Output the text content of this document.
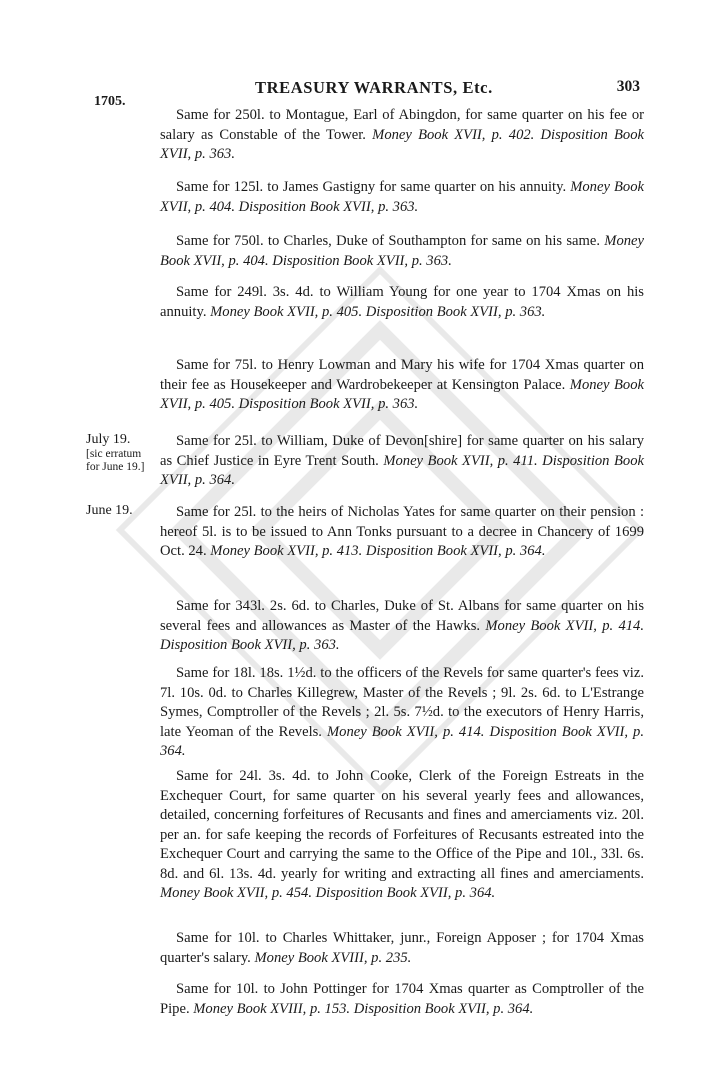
TREASURY WARRANTS, Etc.	303
1705.
July 19.
[sic erratum
for June 19.]
June 19.

Same for 250l. to Montague, Earl of Abingdon, for same quarter on his fee or salary as Constable of the Tower. Money Book XVII, p. 402. Disposition Book XVII, p. 363.

Same for 125l. to James Gastigny for same quarter on his annuity. Money Book XVII, p. 404. Disposition Book XVII, p. 363.

Same for 750l. to Charles, Duke of Southampton for same on his same. Money Book XVII, p. 404. Disposition Book XVII, p. 363.

Same for 249l. 3s. 4d. to William Young for one year to 1704 Xmas on his annuity. Money Book XVII, p. 405. Disposition Book XVII, p. 363.

Same for 75l. to Henry Lowman and Mary his wife for 1704 Xmas quarter on their fee as Housekeeper and Wardrobekeeper at Kensington Palace. Money Book XVII, p. 405. Disposition Book XVII, p. 363.

Same for 25l. to William, Duke of Devon[shire] for same quarter on his salary as Chief Justice in Eyre Trent South. Money Book XVII, p. 411. Disposition Book XVII, p. 364.

Same for 25l. to the heirs of Nicholas Yates for same quarter on their pension : hereof 5l. is to be issued to Ann Tonks pursuant to a decree in Chancery of 1699 Oct. 24. Money Book XVII, p. 413. Disposition Book XVII, p. 364.

Same for 343l. 2s. 6d. to Charles, Duke of St. Albans for same quarter on his several fees and allowances as Master of the Hawks. Money Book XVII, p. 414. Disposition Book XVII, p. 363.

Same for 18l. 18s. 1½d. to the officers of the Revels for same quarter's fees viz. 7l. 10s. 0d. to Charles Killegrew, Master of the Revels ; 9l. 2s. 6d. to L'Estrange Symes, Comptroller of the Revels ; 2l. 5s. 7½d. to the executors of Henry Harris, late Yeoman of the Revels. Money Book XVII, p. 414. Disposition Book XVII, p. 364.

Same for 24l. 3s. 4d. to John Cooke, Clerk of the Foreign Estreats in the Exchequer Court, for same quarter on his several yearly fees and allowances, detailed, concerning forfeitures of Recusants and fines and amerciaments viz. 20l. per an. for safe keeping the records of Forfeitures of Recusants estreated into the Exchequer Court and carrying the same to the Office of the Pipe and 10l., 33l. 6s. 8d. and 6l. 13s. 4d. yearly for writing and extracting all fines and amerciaments. Money Book XVII, p. 454. Disposition Book XVII, p. 364.

Same for 10l. to Charles Whittaker, junr., Foreign Apposer ; for 1704 Xmas quarter's salary. Money Book XVIII, p. 235.

Same for 10l. to John Pottinger for 1704 Xmas quarter as Comptroller of the Pipe. Money Book XVIII, p. 153. Disposition Book XVII, p. 364.
